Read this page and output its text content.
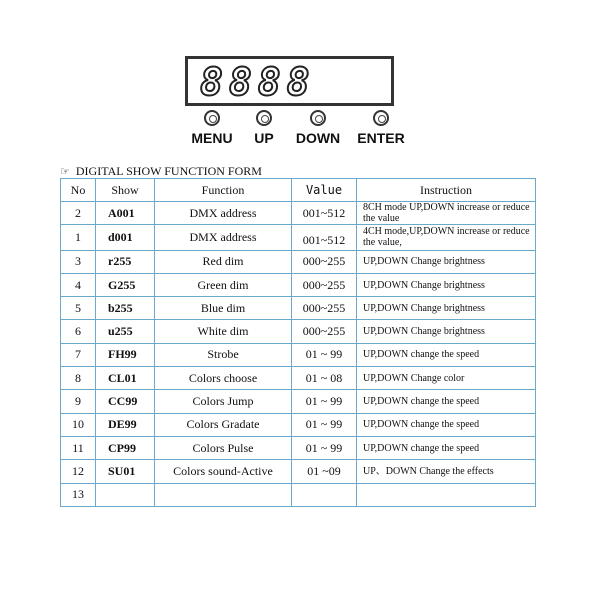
8888
MENU	UP	DOWN	ENTER
☞ DIGITAL SHOW FUNCTION FORM
No	Show	Function	Value	Instruction
2	A001	DMX address	001~512	8CH mode UP,DOWN increase or reduce the value
1	d001	DMX address	001~512	4CH mode,UP,DOWN increase or reduce the value,
3	r255	Red dim	000~255	UP,DOWN Change brightness
4	G255	Green dim	000~255	UP,DOWN Change brightness
5	b255	Blue dim	000~255	UP,DOWN Change brightness
6	u255	White dim	000~255	UP,DOWN Change brightness
7	FH99	Strobe	01 ~ 99	UP,DOWN change the speed
8	CL01	Colors choose	01 ~ 08	UP,DOWN Change color
9	CC99	Colors Jump	01 ~ 99	UP,DOWN change the speed
10	DE99	Colors Gradate	01 ~ 99	UP,DOWN change the speed
11	CP99	Colors Pulse	01 ~ 99	UP,DOWN change the speed
12	SU01	Colors sound-Active	01 ~09	UP、DOWN Change the effects
13				
